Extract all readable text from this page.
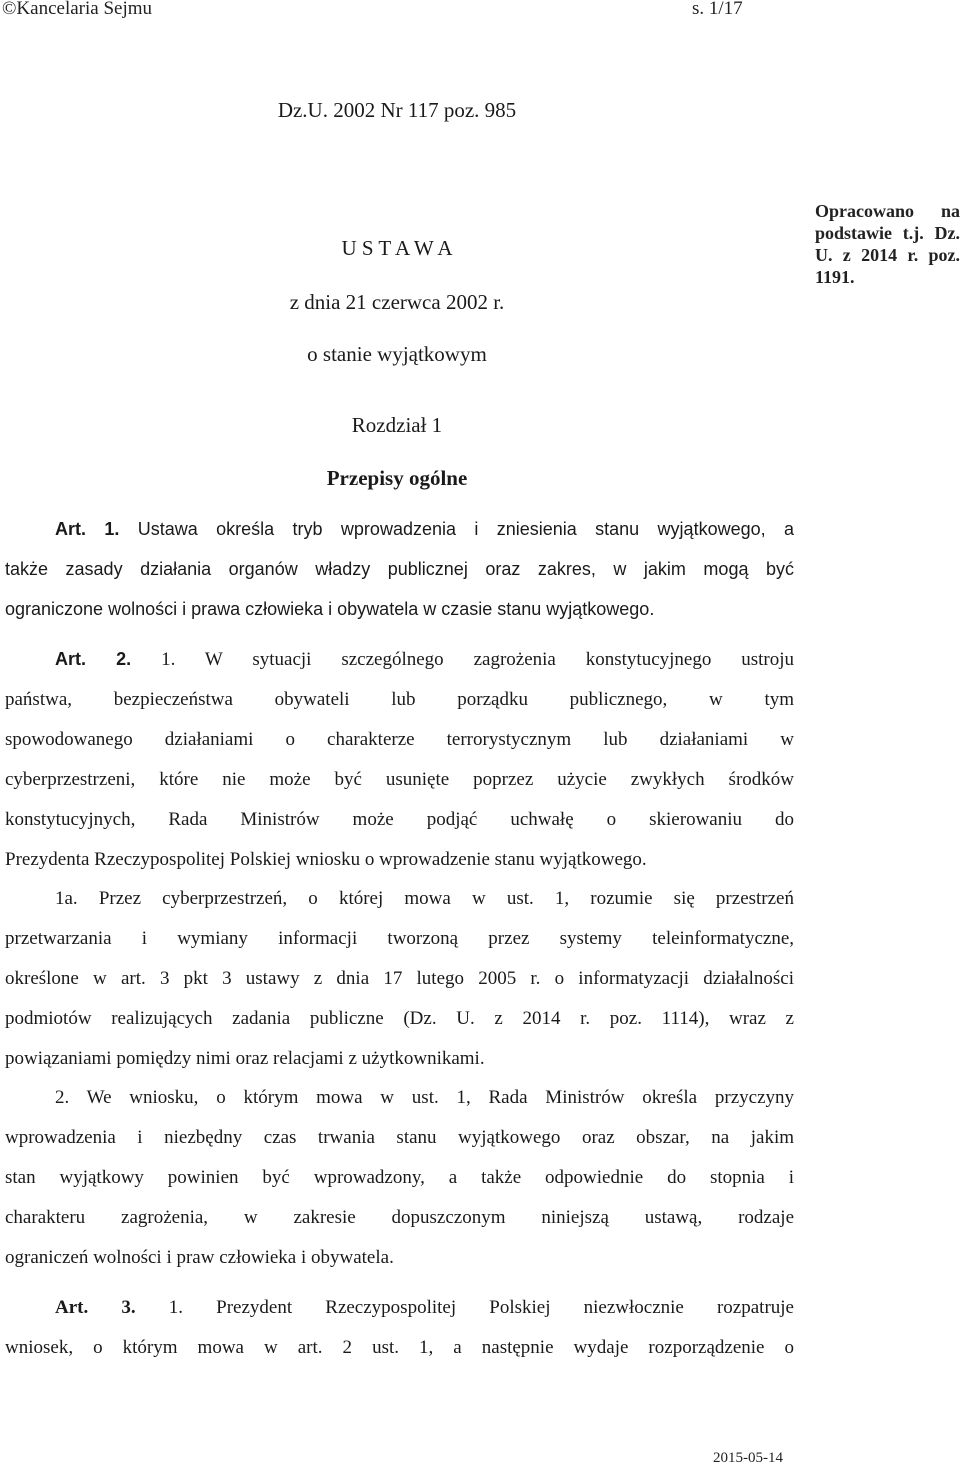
©Kancelaria Sejmu	s. 1/17
Dz.U. 2002 Nr 117 poz. 985
Opracowano na podstawie t.j. Dz. U. z 2014 r. poz. 1191.
U S T A W A
z dnia 21 czerwca 2002 r.
o stanie wyjątkowym
Rozdział 1
Przepisy ogólne
Art. 1. Ustawa określa tryb wprowadzenia i zniesienia stanu wyjątkowego, a
także zasady działania organów władzy publicznej oraz zakres, w jakim mogą być
ograniczone wolności i prawa człowieka i obywatela w czasie stanu wyjątkowego.
Art. 2. 1. W sytuacji szczególnego zagrożenia konstytucyjnego ustroju
państwa, bezpieczeństwa obywateli lub porządku publicznego, w tym
spowodowanego działaniami o charakterze terrorystycznym lub działaniami w
cyberprzestrzeni, które nie może być usunięte poprzez użycie zwykłych środków
konstytucyjnych, Rada Ministrów może podjąć uchwałę o skierowaniu do
Prezydenta Rzeczypospolitej Polskiej wniosku o wprowadzenie stanu wyjątkowego.
1a. Przez cyberprzestrzeń, o której mowa w ust. 1, rozumie się przestrzeń
przetwarzania i wymiany informacji tworzoną przez systemy teleinformatyczne,
określone w art. 3 pkt 3 ustawy z dnia 17 lutego 2005 r. o informatyzacji działalności
podmiotów realizujących zadania publiczne (Dz. U. z 2014 r. poz. 1114), wraz z
powiązaniami pomiędzy nimi oraz relacjami z użytkownikami.
2. We wniosku, o którym mowa w ust. 1, Rada Ministrów określa przyczyny
wprowadzenia i niezbędny czas trwania stanu wyjątkowego oraz obszar, na jakim
stan wyjątkowy powinien być wprowadzony, a także odpowiednie do stopnia i
charakteru zagrożenia, w zakresie dopuszczonym niniejszą ustawą, rodzaje
ograniczeń wolności i praw człowieka i obywatela.
Art. 3. 1. Prezydent Rzeczypospolitej Polskiej niezwłocznie rozpatruje
wniosek, o którym mowa w art. 2 ust. 1, a następnie wydaje rozporządzenie o
2015-05-14
